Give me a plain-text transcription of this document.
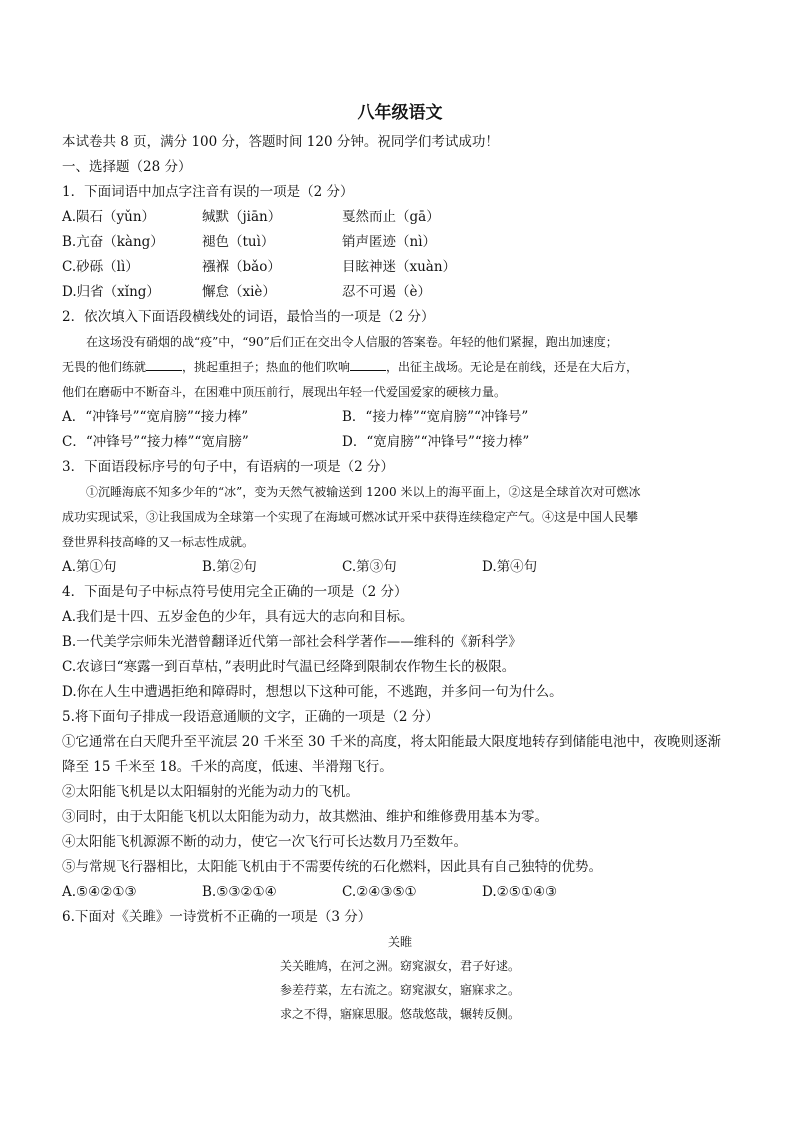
八年级语文
本试卷共 8 页，满分 100 分，答题时间 120 分钟。祝同学们考试成功！
一、选择题（28 分）
1．下面词语中加点字注音有误的一项是（2 分）
A.陨石（yǔn）	缄默（jiān）	戛然而止（gā）
B.亢奋（kàng）	褪色（tuì）	销声匿迹（nì）
C.砂砾（lì）	襁褓（bǎo）	目眩神迷（xuàn）
D.归省（xǐng）	懈怠（xiè）	忍不可遏（è）
2．依次填入下面语段横线处的词语，最恰当的一项是（2 分）
在这场没有硝烟的战“疫”中，“90”后们正在交出令人信服的答案卷。年轻的他们紧握，跑出加速度；
无畏的他们练就	，挑起重担子；热血的他们吹响	，出征主战场。无论是在前线，还是在大后方，
他们在磨砺中不断奋斗，在困难中顶压前行，展现出年轻一代爱国爱家的硬核力量。
A．“冲锋号”“宽肩膀”“接力棒”	B．“接力棒”“宽肩膀”“冲锋号”
C．“冲锋号”“接力棒”“宽肩膀”	D．“宽肩膀”“冲锋号”“接力棒”
3．下面语段标序号的句子中，有语病的一项是（2 分）
①沉睡海底不知多少年的“冰”，变为天然气被输送到 1200 米以上的海平面上，②这是全球首次对可燃冰
成功实现试采，③让我国成为全球第一个实现了在海域可燃冰试开采中获得连续稳定产气。④这是中国人民攀
登世界科技高峰的又一标志性成就。
A.第①句	B.第②句	C.第③句	D.第④句
4．下面是句子中标点符号使用完全正确的一项是（2 分）
A.我们是十四、五岁金色的少年，具有远大的志向和目标。
B.一代美学宗师朱光潜曾翻译近代第一部社会科学著作——维科的《新科学》
C.农谚曰“寒露一到百草枯，”表明此时气温已经降到限制农作物生长的极限。
D.你在人生中遭遇拒绝和障碍时，想想以下这种可能，不逃跑，并多问一句为什么。
5.将下面句子排成一段语意通顺的文字，正确的一项是（2 分）
①它通常在白天爬升至平流层 20 千米至 30 千米的高度，将太阳能最大限度地转存到储能电池中，夜晚则逐渐
降至 15 千米至 18。千米的高度，低速、半滑翔飞行。
②太阳能飞机是以太阳辐射的光能为动力的飞机。
③同时，由于太阳能飞机以太阳能为动力，故其燃油、维护和维修费用基本为零。
④太阳能飞机源源不断的动力，使它一次飞行可长达数月乃至数年。
⑤与常规飞行器相比，太阳能飞机由于不需要传统的石化燃料，因此具有自己独特的优势。
A.⑤④②①③	B.⑤③②①④	C.②④③⑤①	D.②⑤①④③
6.下面对《关雎》一诗赏析不正确的一项是（3 分）
关睢
关关睢鸠，在河之洲。窈窕淑女，君子好逑。
参差荇菜，左右流之。窈窕淑女，寤寐求之。
求之不得，寤寐思服。悠哉悠哉，辗转反侧。
